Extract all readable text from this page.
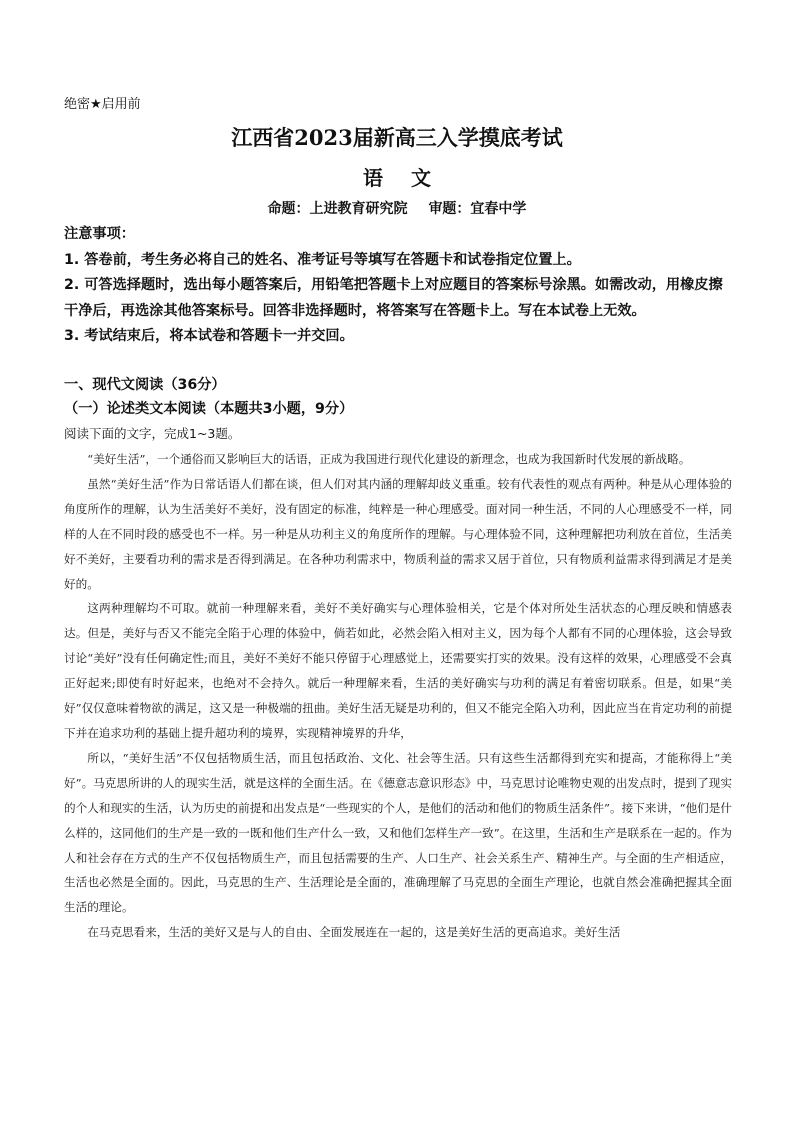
绝密★启用前
江西省2023届新高三入学摸底考试
语文
命题：上进教育研究院 审题：宜春中学

注意事项：

1. 答卷前，考生务必将自己的姓名、准考证号等填写在答题卡和试卷指定位置上。

2. 可答选择题时，选出每小题答案后，用铅笔把答题卡上对应题目的答案标号涂黑。如需改动，用橡皮擦干净后，再选涂其他答案标号。回答非选择题时，将答案写在答题卡上。写在本试卷上无效。

3. 考试结束后，将本试卷和答题卡一并交回。

一、现代文阅读（36分）
（一）论述类文本阅读（本题共3小题，9分）
阅读下面的文字，完成1~3题。

“美好生活”，一个通俗而又影响巨大的话语，正成为我国进行现代化建设的新理念，也成为我国新时代发展的新战略。

虽然“美好生活”作为日常话语人们都在谈，但人们对其内涵的理解却歧义重重。较有代表性的观点有两种。种是从心理体验的角度所作的理解，认为生活美好不美好，没有固定的标准，纯粹是一种心理感受。面对同一种生活，不同的人心理感受不一样，同样的人在不同时段的感受也不一样。另一种是从功利主义的角度所作的理解。与心理体验不同，这种理解把功利放在首位，生活美好不美好，主要看功利的需求是否得到满足。在各种功利需求中，物质利益的需求又居于首位，只有物质利益需求得到满足才是美好的。

这两种理解均不可取。就前一种理解来看，美好不美好确实与心理体验相关，它是个体对所处生活状态的心理反映和情感表达。但是，美好与否又不能完全陷于心理的体验中，倘若如此，必然会陷入相对主义，因为每个人都有不同的心理体验，这会导致讨论“美好”没有任何确定性;而且，美好不美好不能只停留于心理感觉上，还需要实打实的效果。没有这样的效果，心理感受不会真正好起来;即使有时好起来，也绝对不会持久。就后一种理解来看，生活的美好确实与功利的满足有着密切联系。但是，如果“美好”仅仅意味着物欲的满足，这又是一种极端的扭曲。美好生活无疑是功利的，但又不能完全陷入功利，因此应当在肯定功利的前提下并在追求功利的基础上提升超功利的境界，实现精神境界的升华，

所以，“美好生活”不仅包括物质生活，而且包括政治、文化、社会等生活。只有这些生活都得到充实和提高，才能称得上“美好”。马克思所讲的人的现实生活，就是这样的全面生活。在《德意志意识形态》中，马克思讨论唯物史观的出发点时，提到了现实的个人和现实的生活，认为历史的前提和出发点是“一些现实的个人，是他们的活动和他们的物质生活条件”。接下来讲，“他们是什么样的，这同他们的生产是一致的一既和他们生产什么一致，又和他们怎样生产一致”。在这里，生活和生产是联系在一起的。作为人和社会存在方式的生产不仅包括物质生产，而且包括需要的生产、人口生产、社会关系生产、精神生产。与全面的生产相适应，生活也必然是全面的。因此，马克思的生产、生活理论是全面的，准确理解了马克思的全面生产理论，也就自然会准确把握其全面生活的理论。

在马克思看来，生活的美好又是与人的自由、全面发展连在一起的，这是美好生活的更高追求。美好生活
